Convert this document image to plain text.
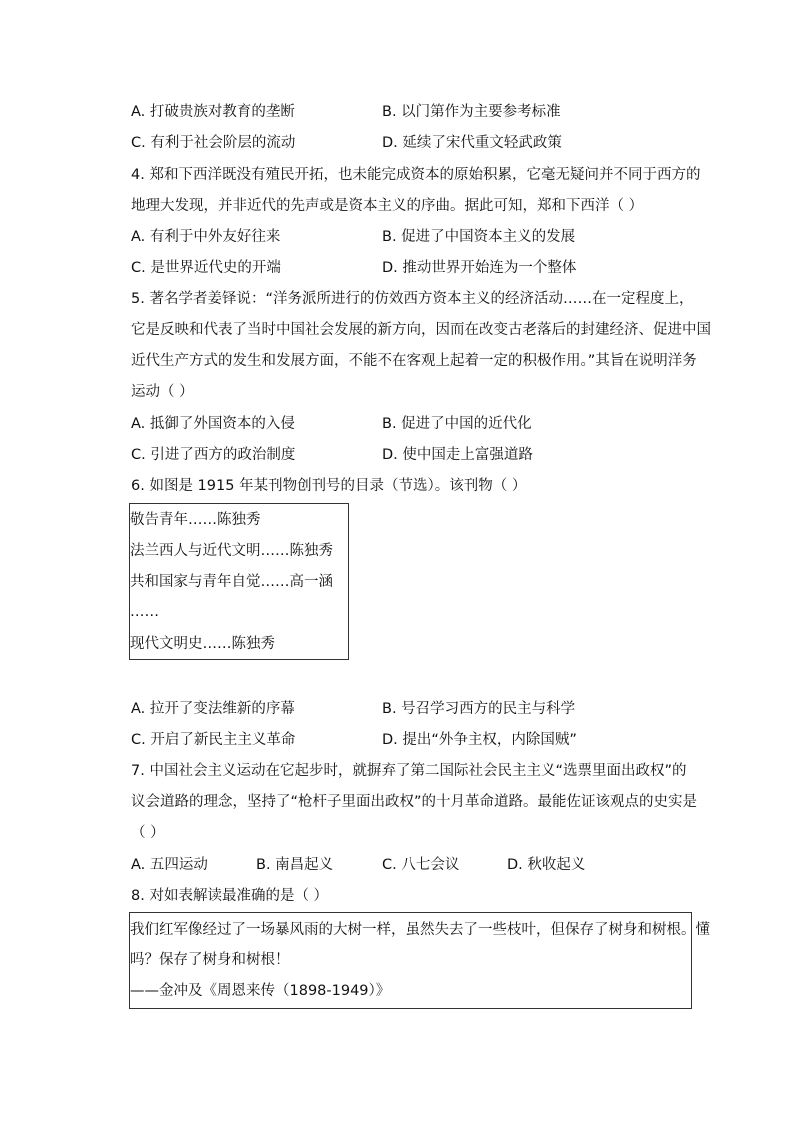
A. 打破贵族对教育的垄断	B. 以门第作为主要参考标准
C. 有利于社会阶层的流动	D. 延续了宋代重文轻武政策
4. 郑和下西洋既没有殖民开拓，也未能完成资本的原始积累，它毫无疑问并不同于西方的
地理大发现，并非近代的先声或是资本主义的序曲。据此可知，郑和下西洋（ ）
A. 有利于中外友好往来	B. 促进了中国资本主义的发展
C. 是世界近代史的开端	D. 推动世界开始连为一个整体
5. 著名学者姜铎说：“洋务派所进行的仿效西方资本主义的经济活动……在一定程度上，
它是反映和代表了当时中国社会发展的新方向，因而在改变古老落后的封建经济、促进中国
近代生产方式的发生和发展方面，不能不在客观上起着一定的积极作用。”其旨在说明洋务
运动（ ）
A. 抵御了外国资本的入侵	B. 促进了中国的近代化
C. 引进了西方的政治制度	D. 使中国走上富强道路
6. 如图是 1915 年某刊物创刊号的目录（节选）。该刊物（ ）
敬告青年……陈独秀
法兰西人与近代文明……陈独秀
共和国家与青年自觉……高一涵
……
现代文明史……陈独秀
A. 拉开了变法维新的序幕	B. 号召学习西方的民主与科学
C. 开启了新民主主义革命	D. 提出“外争主权，内除国贼”
7. 中国社会主义运动在它起步时，就摒弃了第二国际社会民主主义“选票里面出政权”的
议会道路的理念，坚持了“枪杆子里面出政权”的十月革命道路。最能佐证该观点的史实是
（ ）
A. 五四运动	B. 南昌起义	C. 八七会议	D. 秋收起义
8. 对如表解读最准确的是（ ）
我们红军像经过了一场暴风雨的大树一样，虽然失去了一些枝叶，但保存了树身和树根。懂
吗？保存了树身和树根！
——金冲及《周恩来传（1898-1949）》
